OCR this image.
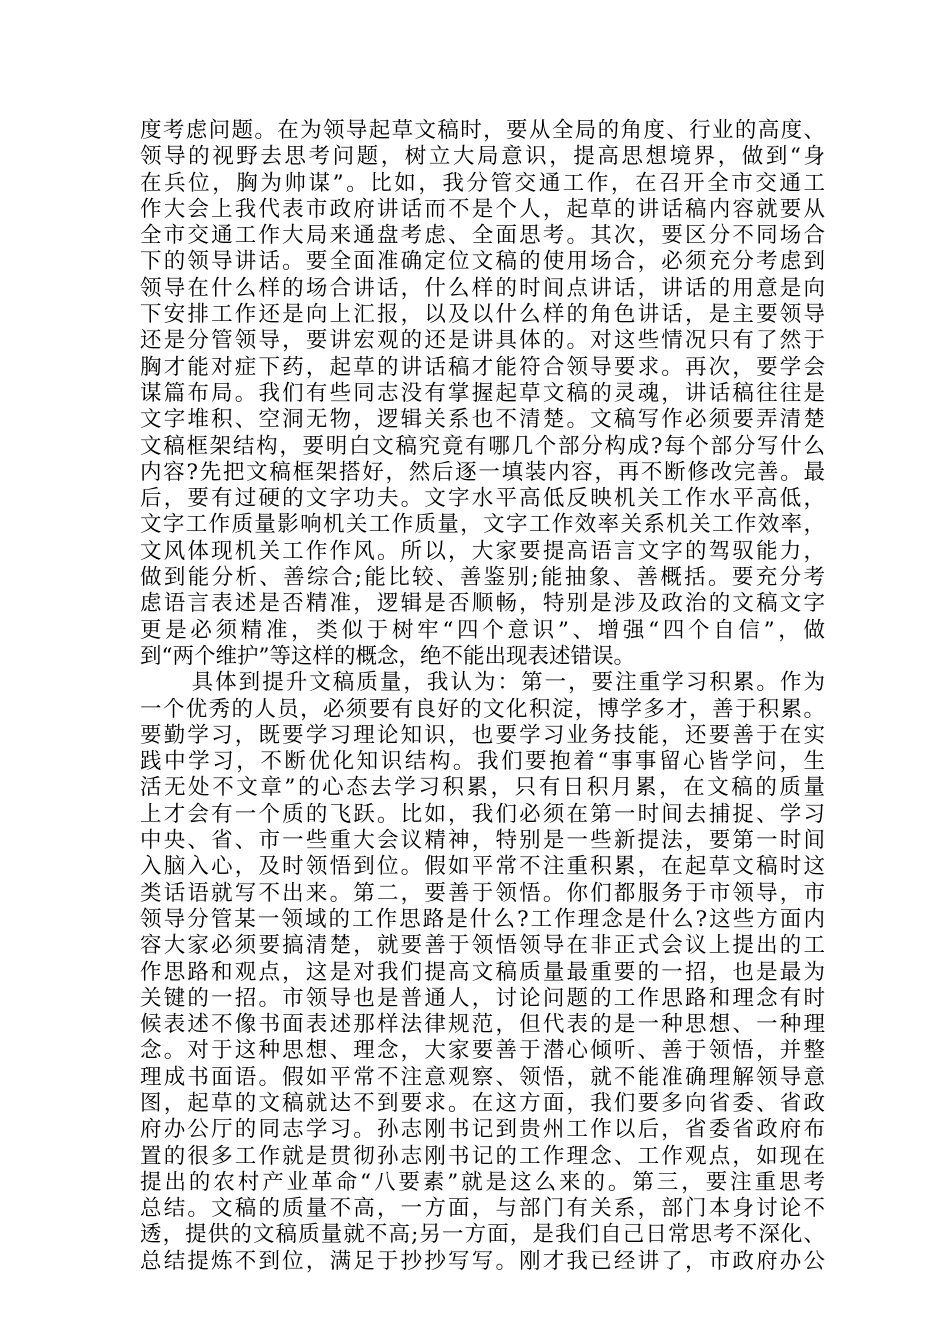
度考虑问题。在为领导起草文稿时，要从全局的角度、行业的高度、
领导的视野去思考问题，树立大局意识，提高思想境界，做到“身
在兵位，胸为帅谋”。比如，我分管交通工作，在召开全市交通工
作大会上我代表市政府讲话而不是个人，起草的讲话稿内容就要从
全市交通工作大局来通盘考虑、全面思考。其次，要区分不同场合
下的领导讲话。要全面准确定位文稿的使用场合，必须充分考虑到
领导在什么样的场合讲话，什么样的时间点讲话，讲话的用意是向
下安排工作还是向上汇报，以及以什么样的角色讲话，是主要领导
还是分管领导，要讲宏观的还是讲具体的。对这些情况只有了然于
胸才能对症下药，起草的讲话稿才能符合领导要求。再次，要学会
谋篇布局。我们有些同志没有掌握起草文稿的灵魂，讲话稿往往是
文字堆积、空洞无物，逻辑关系也不清楚。文稿写作必须要弄清楚
文稿框架结构，要明白文稿究竟有哪几个部分构成?每个部分写什么
内容?先把文稿框架搭好，然后逐一填装内容，再不断修改完善。最
后，要有过硬的文字功夫。文字水平高低反映机关工作水平高低，
文字工作质量影响机关工作质量，文字工作效率关系机关工作效率，
文风体现机关工作作风。所以，大家要提高语言文字的驾驭能力，
做到能分析、善综合;能比较、善鉴别;能抽象、善概括。要充分考
虑语言表述是否精准，逻辑是否顺畅，特别是涉及政治的文稿文字
更是必须精准，类似于树牢“四个意识”、增强“四个自信”，做
到“两个维护”等这样的概念，绝不能出现表述错误。

具体到提升文稿质量，我认为：第一，要注重学习积累。作为
一个优秀的人员，必须要有良好的文化积淀，博学多才，善于积累。
要勤学习，既要学习理论知识，也要学习业务技能，还要善于在实
践中学习，不断优化知识结构。我们要抱着“事事留心皆学问，生
活无处不文章”的心态去学习积累，只有日积月累，在文稿的质量
上才会有一个质的飞跃。比如，我们必须在第一时间去捕捉、学习
中央、省、市一些重大会议精神，特别是一些新提法，要第一时间
入脑入心，及时领悟到位。假如平常不注重积累，在起草文稿时这
类话语就写不出来。第二，要善于领悟。你们都服务于市领导，市
领导分管某一领域的工作思路是什么?工作理念是什么?这些方面内
容大家必须要搞清楚，就要善于领悟领导在非正式会议上提出的工
作思路和观点，这是对我们提高文稿质量最重要的一招，也是最为
关键的一招。市领导也是普通人，讨论问题的工作思路和理念有时
候表述不像书面表述那样法律规范，但代表的是一种思想、一种理
念。对于这种思想、理念，大家要善于潜心倾听、善于领悟，并整
理成书面语。假如平常不注意观察、领悟，就不能准确理解领导意
图，起草的文稿就达不到要求。在这方面，我们要多向省委、省政
府办公厅的同志学习。孙志刚书记到贵州工作以后，省委省政府布
置的很多工作就是贯彻孙志刚书记的工作理念、工作观点，如现在
提出的农村产业革命“八要素”就是这么来的。第三，要注重思考
总结。文稿的质量不高，一方面，与部门有关系，部门本身讨论不
透，提供的文稿质量就不高;另一方面，是我们自己日常思考不深化、
总结提炼不到位，满足于抄抄写写。刚才我已经讲了，市政府办公
